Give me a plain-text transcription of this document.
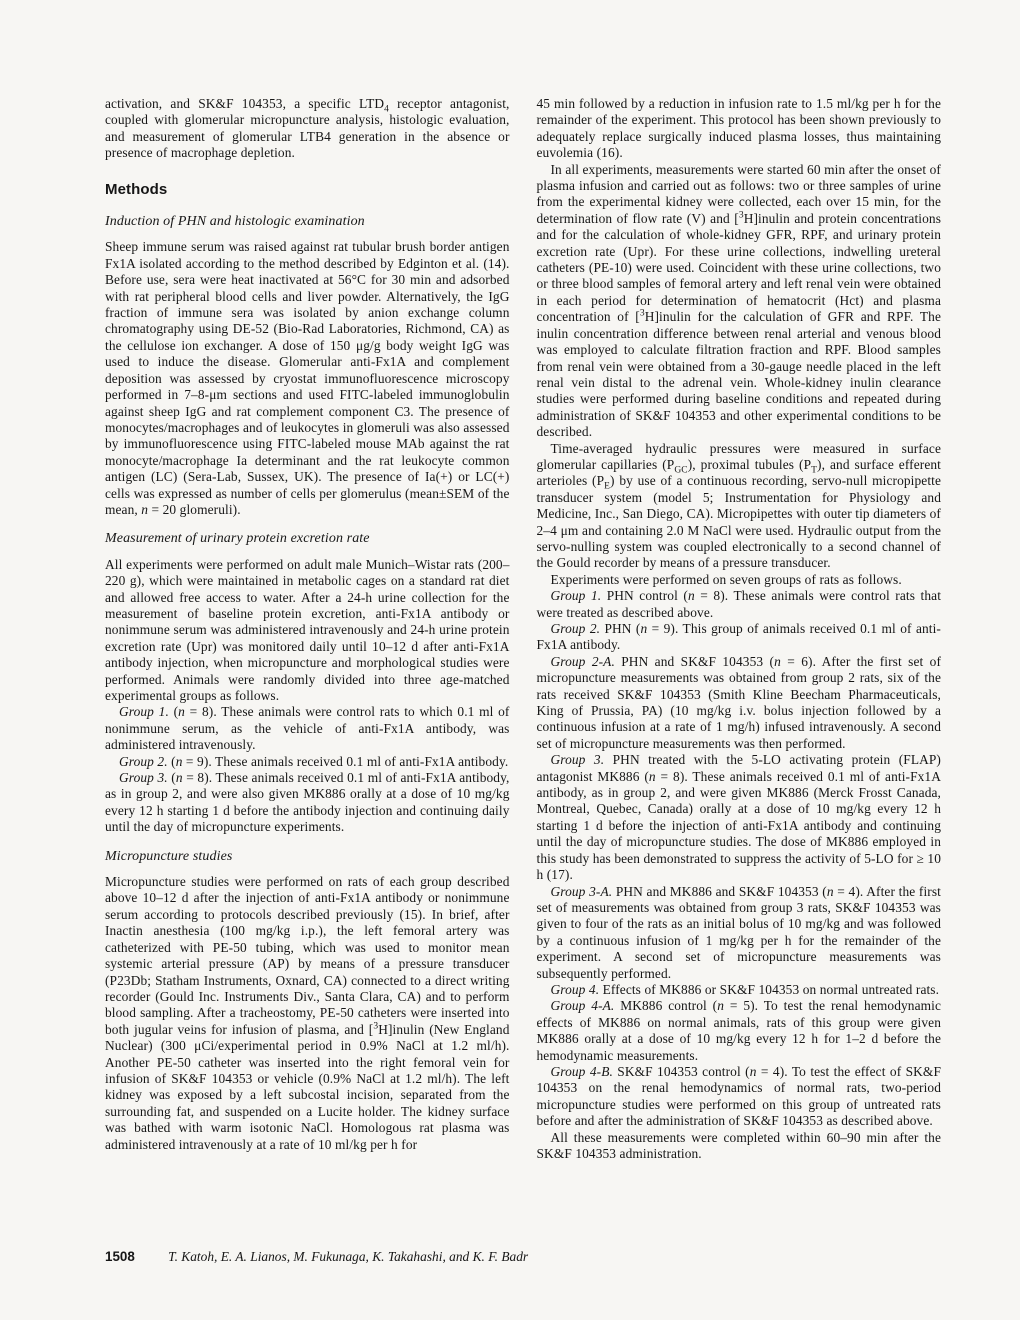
activation, and SK&F 104353, a specific $LTD_4$ receptor antagonist, coupled with glomerular micropuncture analysis, histologic evaluation, and measurement of glomerular LTB4 generation in the absence or presence of macrophage depletion.

Methods
Induction of PHN and histologic examination

Sheep immune serum was raised against rat tubular brush border antigen Fx1A isolated according to the method described by Edginton et al. (14). Before use, sera were heat inactivated at 56°C for 30 min and adsorbed with rat peripheral blood cells and liver powder. Alternatively, the IgG fraction of immune sera was isolated by anion exchange column chromatography using DE-52 (Bio-Rad Laboratories, Richmond, CA) as the cellulose ion exchanger. A dose of 150 μg/g body weight IgG was used to induce the disease. Glomerular anti-Fx1A and complement deposition was assessed by cryostat immunofluorescence microscopy performed in 7–8-μm sections and used FITC-labeled immunoglobulin against sheep IgG and rat complement component C3. The presence of monocytes/macrophages and of leukocytes in glomeruli was also assessed by immunofluorescence using FITC-labeled mouse MAb against the rat monocyte/macrophage Ia determinant and the rat leukocyte common antigen (LC) (Sera-Lab, Sussex, UK). The presence of Ia(+) or LC(+) cells was expressed as number of cells per glomerulus (mean±SEM of the mean, n = 20 glomeruli).

Measurement of urinary protein excretion rate

All experiments were performed on adult male Munich–Wistar rats (200–220 g), which were maintained in metabolic cages on a standard rat diet and allowed free access to water. After a 24-h urine collection for the measurement of baseline protein excretion, anti-Fx1A antibody or nonimmune serum was administered intravenously and 24-h urine protein excretion rate (Upr) was monitored daily until 10–12 d after anti-Fx1A antibody injection, when micropuncture and morphological studies were performed. Animals were randomly divided into three age-matched experimental groups as follows.

Group 1. (n = 8). These animals were control rats to which 0.1 ml of nonimmune serum, as the vehicle of anti-Fx1A antibody, was administered intravenously.

Group 2. (n = 9). These animals received 0.1 ml of anti-Fx1A antibody.

Group 3. (n = 8). These animals received 0.1 ml of anti-Fx1A antibody, as in group 2, and were also given MK886 orally at a dose of 10 mg/kg every 12 h starting 1 d before the antibody injection and continuing daily until the day of micropuncture experiments.

Micropuncture studies

Micropuncture studies were performed on rats of each group described above 10–12 d after the injection of anti-Fx1A antibody or nonimmune serum according to protocols described previously (15). In brief, after Inactin anesthesia (100 mg/kg i.p.), the left femoral artery was catheterized with PE-50 tubing, which was used to monitor mean systemic arterial pressure (AP) by means of a pressure transducer (P23Db; Statham Instruments, Oxnard, CA) connected to a direct writing recorder (Gould Inc. Instruments Div., Santa Clara, CA) and to perform blood sampling. After a tracheostomy, PE-50 catheters were inserted into both jugular veins for infusion of plasma, and [$^3$H]inulin (New England Nuclear) (300 μCi/experimental period in 0.9% NaCl at 1.2 ml/h). Another PE-50 catheter was inserted into the right femoral vein for infusion of SK&F 104353 or vehicle (0.9% NaCl at 1.2 ml/h). The left kidney was exposed by a left subcostal incision, separated from the surrounding fat, and suspended on a Lucite holder. The kidney surface was bathed with warm isotonic NaCl. Homologous rat plasma was administered intravenously at a rate of 10 ml/kg per h for

45 min followed by a reduction in infusion rate to 1.5 ml/kg per h for the remainder of the experiment. This protocol has been shown previously to adequately replace surgically induced plasma losses, thus maintaining euvolemia (16).

In all experiments, measurements were started 60 min after the onset of plasma infusion and carried out as follows: two or three samples of urine from the experimental kidney were collected, each over 15 min, for the determination of flow rate (V) and [$^3$H]inulin and protein concentrations and for the calculation of whole-kidney GFR, RPF, and urinary protein excretion rate (Upr). For these urine collections, indwelling ureteral catheters (PE-10) were used. Coincident with these urine collections, two or three blood samples of femoral artery and left renal vein were obtained in each period for determination of hematocrit (Hct) and plasma concentration of [$^3$H]inulin for the calculation of GFR and RPF. The inulin concentration difference between renal arterial and venous blood was employed to calculate filtration fraction and RPF. Blood samples from renal vein were obtained from a 30-gauge needle placed in the left renal vein distal to the adrenal vein. Whole-kidney inulin clearance studies were performed during baseline conditions and repeated during administration of SK&F 104353 and other experimental conditions to be described.

Time-averaged hydraulic pressures were measured in surface glomerular capillaries $(P_{GC})$, proximal tubules $(P_T)$, and surface efferent arterioles $(P_E)$ by use of a continuous recording, servo-null micropipette transducer system (model 5; Instrumentation for Physiology and Medicine, Inc., San Diego, CA). Micropipettes with outer tip diameters of 2–4 μm and containing 2.0 M NaCl were used. Hydraulic output from the servo-nulling system was coupled electronically to a second channel of the Gould recorder by means of a pressure transducer.

Experiments were performed on seven groups of rats as follows.

Group 1. PHN control (n = 8). These animals were control rats that were treated as described above.

Group 2. PHN (n = 9). This group of animals received 0.1 ml of anti-Fx1A antibody.

Group 2-A. PHN and SK&F 104353 (n = 6). After the first set of micropuncture measurements was obtained from group 2 rats, six of the rats received SK&F 104353 (Smith Kline Beecham Pharmaceuticals, King of Prussia, PA) (10 mg/kg i.v. bolus injection followed by a continuous infusion at a rate of 1 mg/h) infused intravenously. A second set of micropuncture measurements was then performed.

Group 3. PHN treated with the 5-LO activating protein (FLAP) antagonist MK886 (n = 8). These animals received 0.1 ml of anti-Fx1A antibody, as in group 2, and were given MK886 (Merck Frosst Canada, Montreal, Quebec, Canada) orally at a dose of 10 mg/kg every 12 h starting 1 d before the injection of anti-Fx1A antibody and continuing until the day of micropuncture studies. The dose of MK886 employed in this study has been demonstrated to suppress the activity of 5-LO for ≥ 10 h (17).

Group 3-A. PHN and MK886 and SK&F 104353 (n = 4). After the first set of measurements was obtained from group 3 rats, SK&F 104353 was given to four of the rats as an initial bolus of 10 mg/kg and was followed by a continuous infusion of 1 mg/kg per h for the remainder of the experiment. A second set of micropuncture measurements was subsequently performed.

Group 4. Effects of MK886 or SK&F 104353 on normal untreated rats.

Group 4-A. MK886 control (n = 5). To test the renal hemodynamic effects of MK886 on normal animals, rats of this group were given MK886 orally at a dose of 10 mg/kg every 12 h for 1–2 d before the hemodynamic measurements.

Group 4-B. SK&F 104353 control (n = 4). To test the effect of SK&F 104353 on the renal hemodynamics of normal rats, two-period micropuncture studies were performed on this group of untreated rats before and after the administration of SK&F 104353 as described above.

All these measurements were completed within 60–90 min after the SK&F 104353 administration.

1508 T. Katoh, E. A. Lianos, M. Fukunaga, K. Takahashi, and K. F. Badr
